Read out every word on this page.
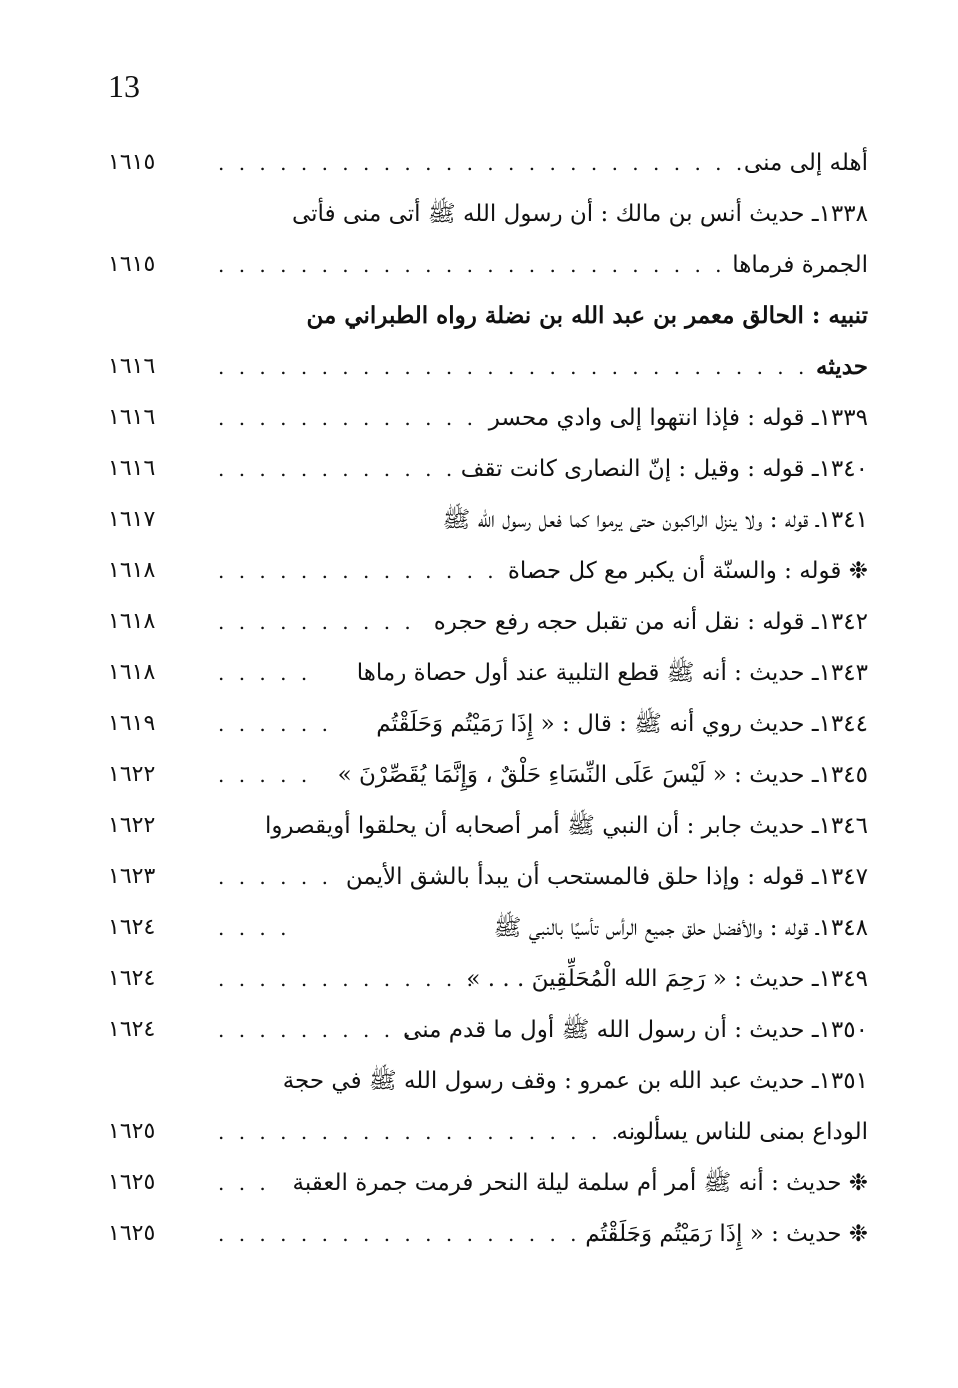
13
أهله إلى منى
. . . . . . . . . . . . . . . . . . . . . . . . . .
١٦١٥
١٣٣٨ـ حديث أنس بن مالك : أن رسول الله ﷺ أتى منى فأتى
الجمرة فرماها
. . . . . . . . . . . . . . . . . . . . . . . . .
١٦١٥
تنبيه : الحالق معمر بن عبد الله بن نضلة رواه الطبراني من
حديثه
. . . . . . . . . . . . . . . . . . . . . . . . . . . . .
١٦١٦
١٣٣٩ـ قوله : فإذا انتهوا إلى وادي محسر
. . . . . . . . . . . . .
١٦١٦
١٣٤٠ـ قوله : وقيل : إنّ النصارى كانت تقف
. . . . . . . . . . . .
١٦١٦
١٣٤١ـ قوله : ولا ينزل الراكبون حتى يرموا كما فعل رسول الله ﷺ
١٦١٧
❉ قوله : والسنّة أن يكبر مع كل حصاة
. . . . . . . . . . . . . . . . .
١٦١٨
١٣٤٢ـ قوله : نقل أنه من تقبل حجه رفع حجره
. . . . . . . . . .
١٦١٨
١٣٤٣ـ حديث : أنه ﷺ قطع التلبية عند أول حصاة رماها
. . . . .
١٦١٨
١٣٤٤ـ حديث روي أنه ﷺ : قال : « إِذَا رَمَيْتُم وَحَلَقْتُم
. . . . . .
١٦١٩
١٣٤٥ـ حديث : « لَيْسَ عَلَى النِّسَاءِ حَلْقٌ ، وَإِنَّمَا يُقَصِّرْنَ »
. . . . .
١٦٢٢
١٣٤٦ـ حديث جابر : أن النبي ﷺ أمر أصحابه أن يحلقوا أويقصروا
١٦٢٢
١٣٤٧ـ قوله : وإذا حلق فالمستحب أن يبدأ بالشق الأيمن
. . . . . .
١٦٢٣
١٣٤٨ـ قوله : والأفضل حلق جميع الرأس تأسيًا بالنبي ﷺ
. . . .
١٦٢٤
١٣٤٩ـ حديث : « رَحِمَ الله الْمُحَلِّقِينَ . . . »
. . . . . . . . . . . . .
١٦٢٤
١٣٥٠ـ حديث : أن رسول الله ﷺ أول ما قدم منى
. . . . . . . . . . .
١٦٢٤
١٣٥١ـ حديث عبد الله بن عمرو : وقف رسول الله ﷺ في حجة
الوداع بمنى للناس يسألونه
. . . . . . . . . . . . . . . . . . . . . . .
١٦٢٥
❉ حديث : أنه ﷺ أمر أم سلمة ليلة النحر فرمت جمرة العقبة
. . .
١٦٢٥
❉ حديث : « إِذَا رَمَيْتُم وَحَلَقْتُم
. . . . . . . . . . . . . . . . . . . . .
١٦٢٥
